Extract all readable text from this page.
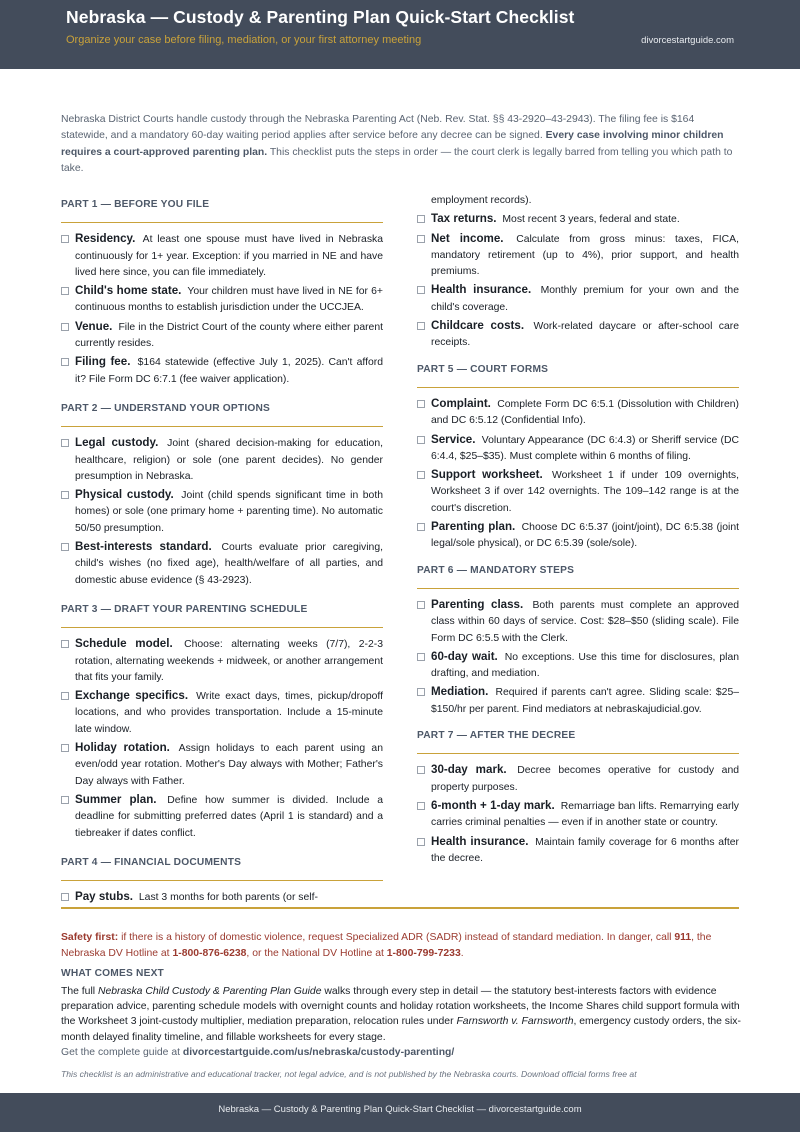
Nebraska — Custody & Parenting Plan Quick-Start Checklist
Organize your case before filing, mediation, or your first attorney meeting	divorcestartguide.com
Nebraska District Courts handle custody through the Nebraska Parenting Act (Neb. Rev. Stat. §§ 43-2920–43-2943). The filing fee is $164 statewide, and a mandatory 60-day waiting period applies after service before any decree can be signed. Every case involving minor children requires a court-approved parenting plan. This checklist puts the steps in order — the court clerk is legally barred from telling you which path to take.
PART 1 — BEFORE YOU FILE
Residency. At least one spouse must have lived in Nebraska continuously for 1+ year. Exception: if you married in NE and have lived here since, you can file immediately.
Child's home state. Your children must have lived in NE for 6+ continuous months to establish jurisdiction under the UCCJEA.
Venue. File in the District Court of the county where either parent currently resides.
Filing fee. $164 statewide (effective July 1, 2025). Can't afford it? File Form DC 6:7.1 (fee waiver application).
PART 2 — UNDERSTAND YOUR OPTIONS
Legal custody. Joint (shared decision-making for education, healthcare, religion) or sole (one parent decides). No gender presumption in Nebraska.
Physical custody. Joint (child spends significant time in both homes) or sole (one primary home + parenting time). No automatic 50/50 presumption.
Best-interests standard. Courts evaluate prior caregiving, child's wishes (no fixed age), health/welfare of all parties, and domestic abuse evidence (§ 43-2923).
PART 3 — DRAFT YOUR PARENTING SCHEDULE
Schedule model. Choose: alternating weeks (7/7), 2-2-3 rotation, alternating weekends + midweek, or another arrangement that fits your family.
Exchange specifics. Write exact days, times, pickup/dropoff locations, and who provides transportation. Include a 15-minute late window.
Holiday rotation. Assign holidays to each parent using an even/odd year rotation. Mother's Day always with Mother; Father's Day always with Father.
Summer plan. Define how summer is divided. Include a deadline for submitting preferred dates (April 1 is standard) and a tiebreaker if dates conflict.
PART 4 — FINANCIAL DOCUMENTS
Pay stubs. Last 3 months for both parents (or self-
employment records).
Tax returns. Most recent 3 years, federal and state.
Net income. Calculate from gross minus: taxes, FICA, mandatory retirement (up to 4%), prior support, and health premiums.
Health insurance. Monthly premium for your own and the child's coverage.
Childcare costs. Work-related daycare or after-school care receipts.
PART 5 — COURT FORMS
Complaint. Complete Form DC 6:5.1 (Dissolution with Children) and DC 6:5.12 (Confidential Info).
Service. Voluntary Appearance (DC 6:4.3) or Sheriff service (DC 6:4.4, $25–$35). Must complete within 6 months of filing.
Support worksheet. Worksheet 1 if under 109 overnights, Worksheet 3 if over 142 overnights. The 109–142 range is at the court's discretion.
Parenting plan. Choose DC 6:5.37 (joint/joint), DC 6:5.38 (joint legal/sole physical), or DC 6:5.39 (sole/sole).
PART 6 — MANDATORY STEPS
Parenting class. Both parents must complete an approved class within 60 days of service. Cost: $28–$50 (sliding scale). File Form DC 6:5.5 with the Clerk.
60-day wait. No exceptions. Use this time for disclosures, plan drafting, and mediation.
Mediation. Required if parents can't agree. Sliding scale: $25–$150/hr per parent. Find mediators at nebraskajudicial.gov.
PART 7 — AFTER THE DECREE
30-day mark. Decree becomes operative for custody and property purposes.
6-month + 1-day mark. Remarriage ban lifts. Remarrying early carries criminal penalties — even if in another state or country.
Health insurance. Maintain family coverage for 6 months after the decree.
Safety first: if there is a history of domestic violence, request Specialized ADR (SADR) instead of standard mediation. In danger, call 911, the Nebraska DV Hotline at 1-800-876-6238, or the National DV Hotline at 1-800-799-7233.
WHAT COMES NEXT
The full Nebraska Child Custody & Parenting Plan Guide walks through every step in detail — the statutory best-interests factors with evidence preparation advice, parenting schedule models with overnight counts and holiday rotation worksheets, the Income Shares child support formula with the Worksheet 3 joint-custody multiplier, mediation preparation, relocation rules under Farnsworth v. Farnsworth, emergency custody orders, the six-month delayed finality timeline, and fillable worksheets for every stage.
Get the complete guide at divorcestartguide.com/us/nebraska/custody-parenting/
This checklist is an administrative and educational tracker, not legal advice, and is not published by the Nebraska courts. Download official forms free at
Nebraska — Custody & Parenting Plan Quick-Start Checklist — divorcestartguide.com
